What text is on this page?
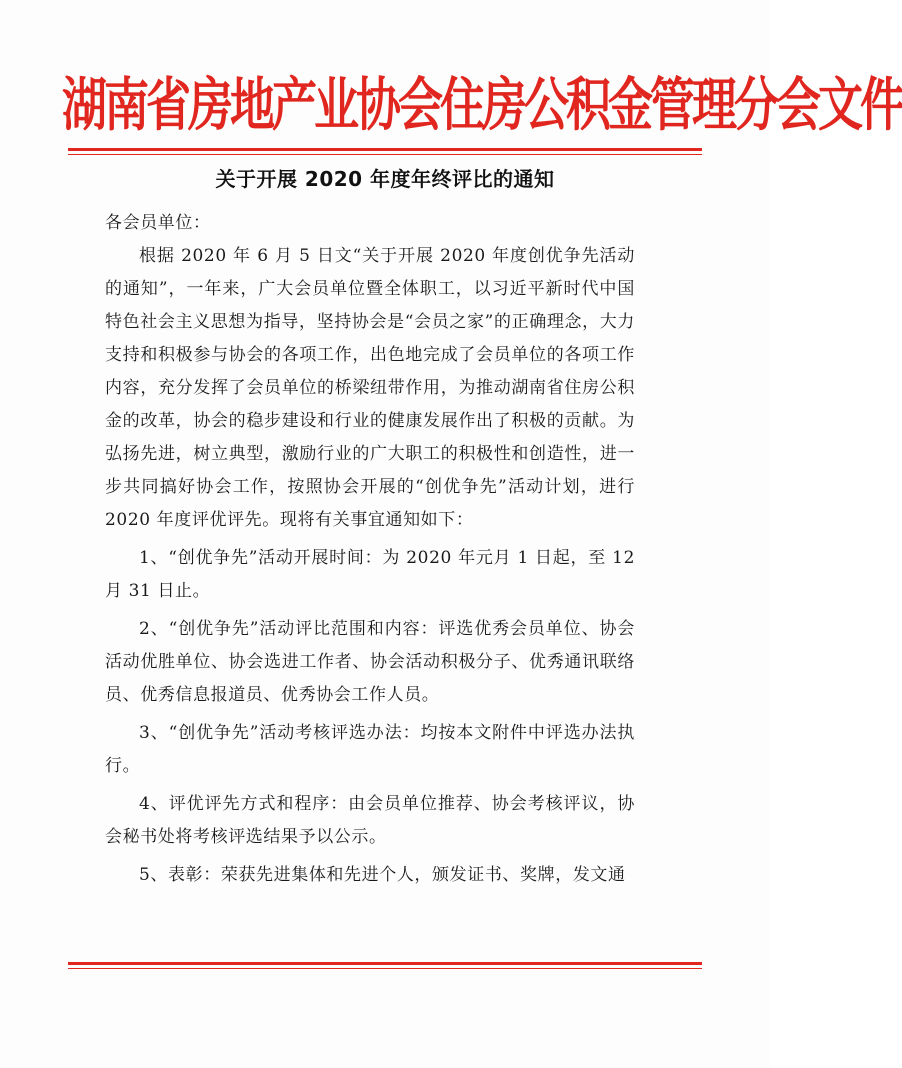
湖南省房地产业协会住房公积金管理分会文件
关于开展 2020 年度年终评比的通知

各会员单位：

根据 2020 年 6 月 5 日文“关于开展 2020 年度创优争先活动的通知”，一年来，广大会员单位暨全体职工，以习近平新时代中国特色社会主义思想为指导，坚持协会是“会员之家”的正确理念，大力支持和积极参与协会的各项工作，出色地完成了会员单位的各项工作内容，充分发挥了会员单位的桥梁纽带作用，为推动湖南省住房公积金的改革，协会的稳步建设和行业的健康发展作出了积极的贡献。为弘扬先进，树立典型，激励行业的广大职工的积极性和创造性，进一步共同搞好协会工作，按照协会开展的“创优争先”活动计划，进行 2020 年度评优评先。现将有关事宜通知如下：

1、“创优争先”活动开展时间：为 2020 年元月 1 日起，至 12 月 31 日止。

2、“创优争先”活动评比范围和内容：评选优秀会员单位、协会活动优胜单位、协会选进工作者、协会活动积极分子、优秀通讯联络员、优秀信息报道员、优秀协会工作人员。

3、“创优争先”活动考核评选办法：均按本文附件中评选办法执行。

4、评优评先方式和程序：由会员单位推荐、协会考核评议，协会秘书处将考核评选结果予以公示。

5、表彰：荣获先进集体和先进个人，颁发证书、奖牌，发文通
